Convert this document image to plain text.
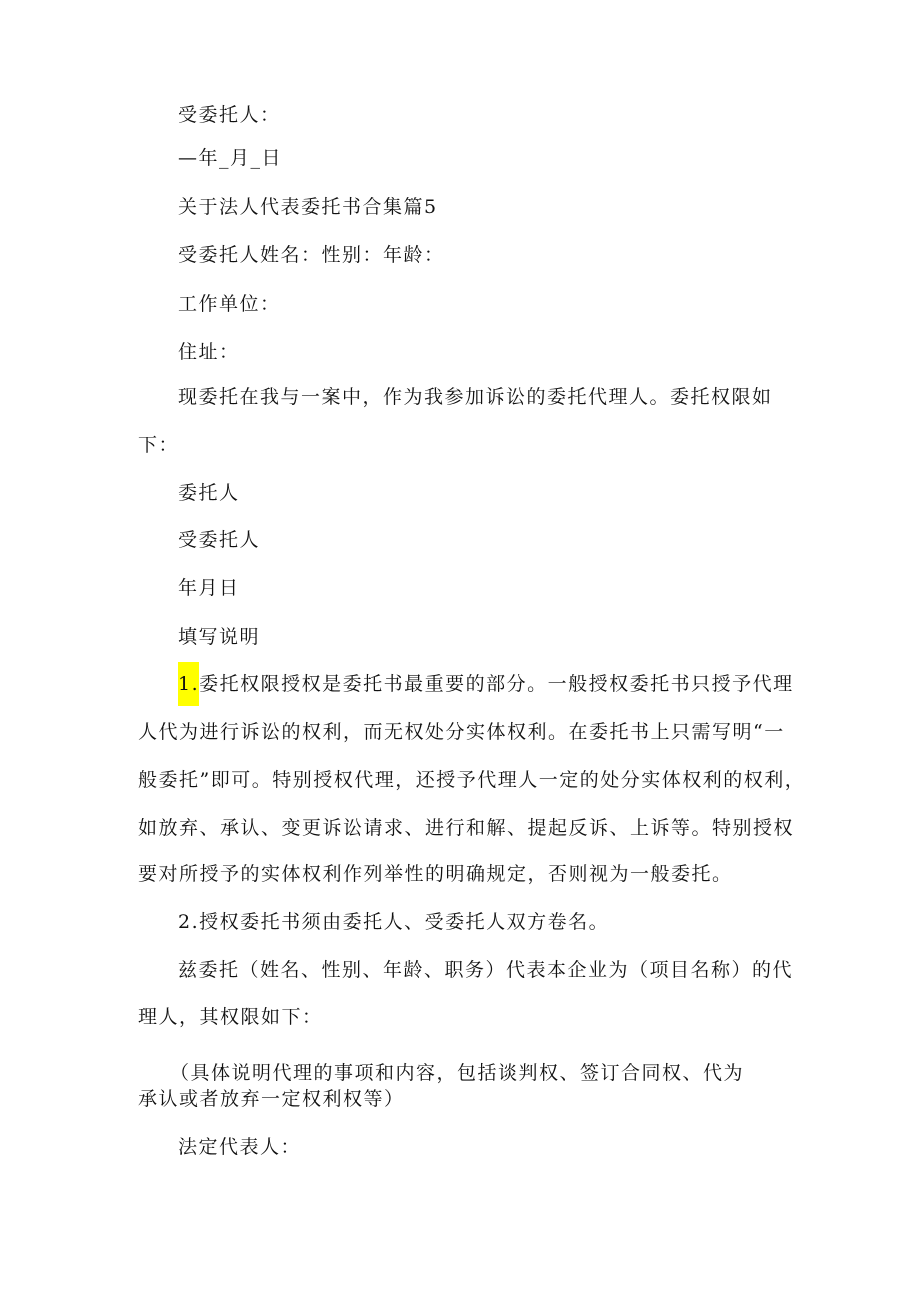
受委托人：
—年_月_日
关于法人代表委托书合集篇5
受委托人姓名：性别：年龄：
工作单位：
住址：
现委托在我与一案中，作为我参加诉讼的委托代理人。委托权限如
下：
委托人
受委托人
年月日
填写说明
1.委托权限授权是委托书最重要的部分。一般授权委托书只授予代理
人代为进行诉讼的权利，而无权处分实体权利。在委托书上只需写明“一
般委托”即可。特别授权代理，还授予代理人一定的处分实体权利的权利，
如放弃、承认、变更诉讼请求、进行和解、提起反诉、上诉等。特别授权
要对所授予的实体权利作列举性的明确规定，否则视为一般委托。
2.授权委托书须由委托人、受委托人双方卷名。
兹委托（姓名、性别、年龄、职务）代表本企业为（项目名称）的代
理人，其权限如下：
（具体说明代理的事项和内容，包括谈判权、签订合同权、代为
承认或者放弃一定权利权等）
法定代表人：
